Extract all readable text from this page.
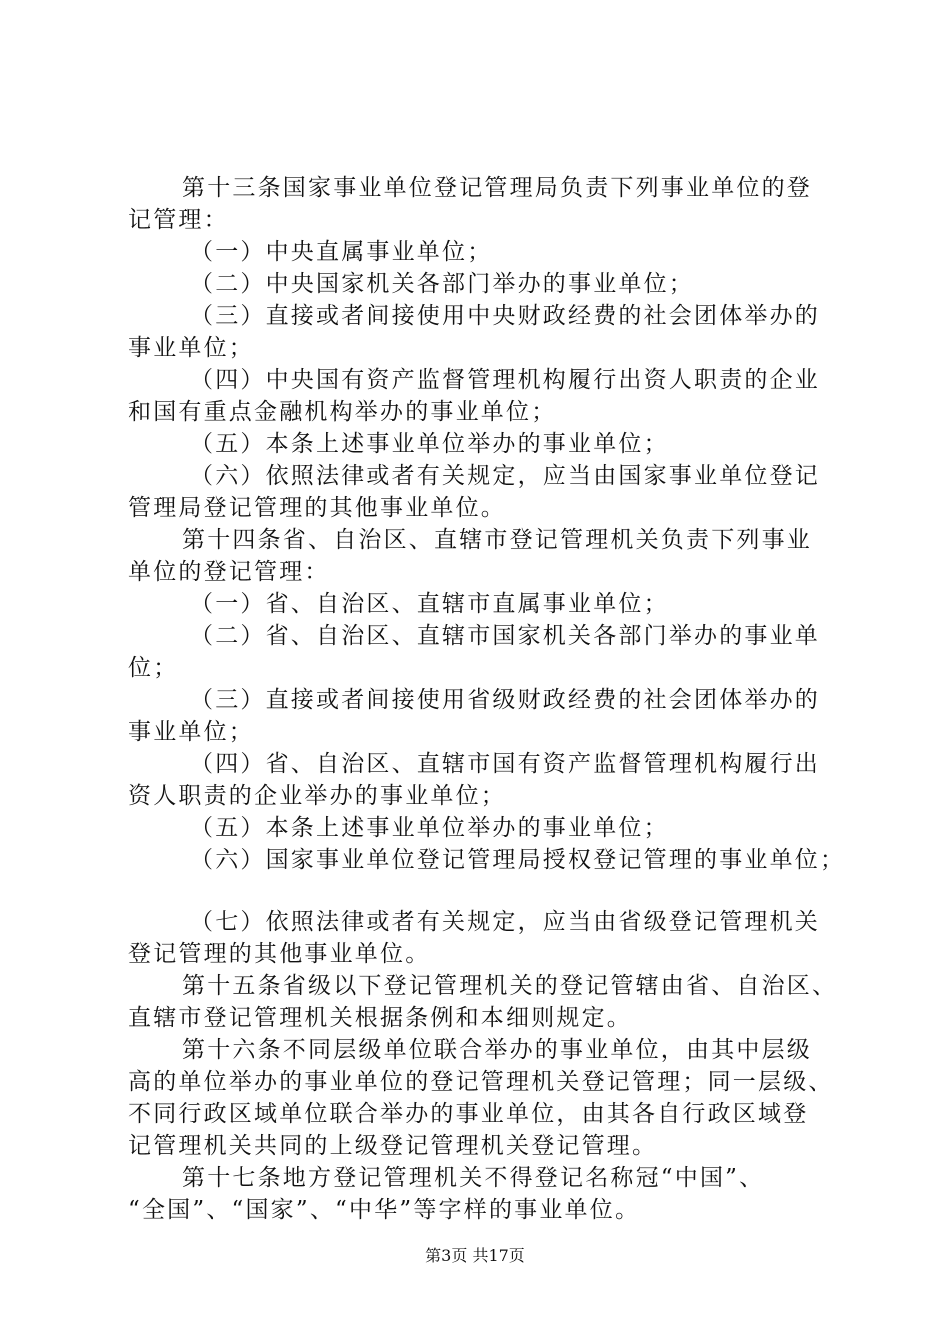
第十三条国家事业单位登记管理局负责下列事业单位的登
记管理：
（一）中央直属事业单位；
（二）中央国家机关各部门举办的事业单位；
（三）直接或者间接使用中央财政经费的社会团体举办的
事业单位；
（四）中央国有资产监督管理机构履行出资人职责的企业
和国有重点金融机构举办的事业单位；
（五）本条上述事业单位举办的事业单位；
（六）依照法律或者有关规定，应当由国家事业单位登记
管理局登记管理的其他事业单位。
第十四条省、自治区、直辖市登记管理机关负责下列事业
单位的登记管理：
（一）省、自治区、直辖市直属事业单位；
（二）省、自治区、直辖市国家机关各部门举办的事业单
位；
（三）直接或者间接使用省级财政经费的社会团体举办的
事业单位；
（四）省、自治区、直辖市国有资产监督管理机构履行出
资人职责的企业举办的事业单位；
（五）本条上述事业单位举办的事业单位；
（六）国家事业单位登记管理局授权登记管理的事业单位；
（七）依照法律或者有关规定，应当由省级登记管理机关
登记管理的其他事业单位。
第十五条省级以下登记管理机关的登记管辖由省、自治区、
直辖市登记管理机关根据条例和本细则规定。
第十六条不同层级单位联合举办的事业单位，由其中层级
高的单位举办的事业单位的登记管理机关登记管理；同一层级、
不同行政区域单位联合举办的事业单位，由其各自行政区域登
记管理机关共同的上级登记管理机关登记管理。
第十七条地方登记管理机关不得登记名称冠“中国”、
“全国”、“国家”、“中华”等字样的事业单位。
第3页 共17页
